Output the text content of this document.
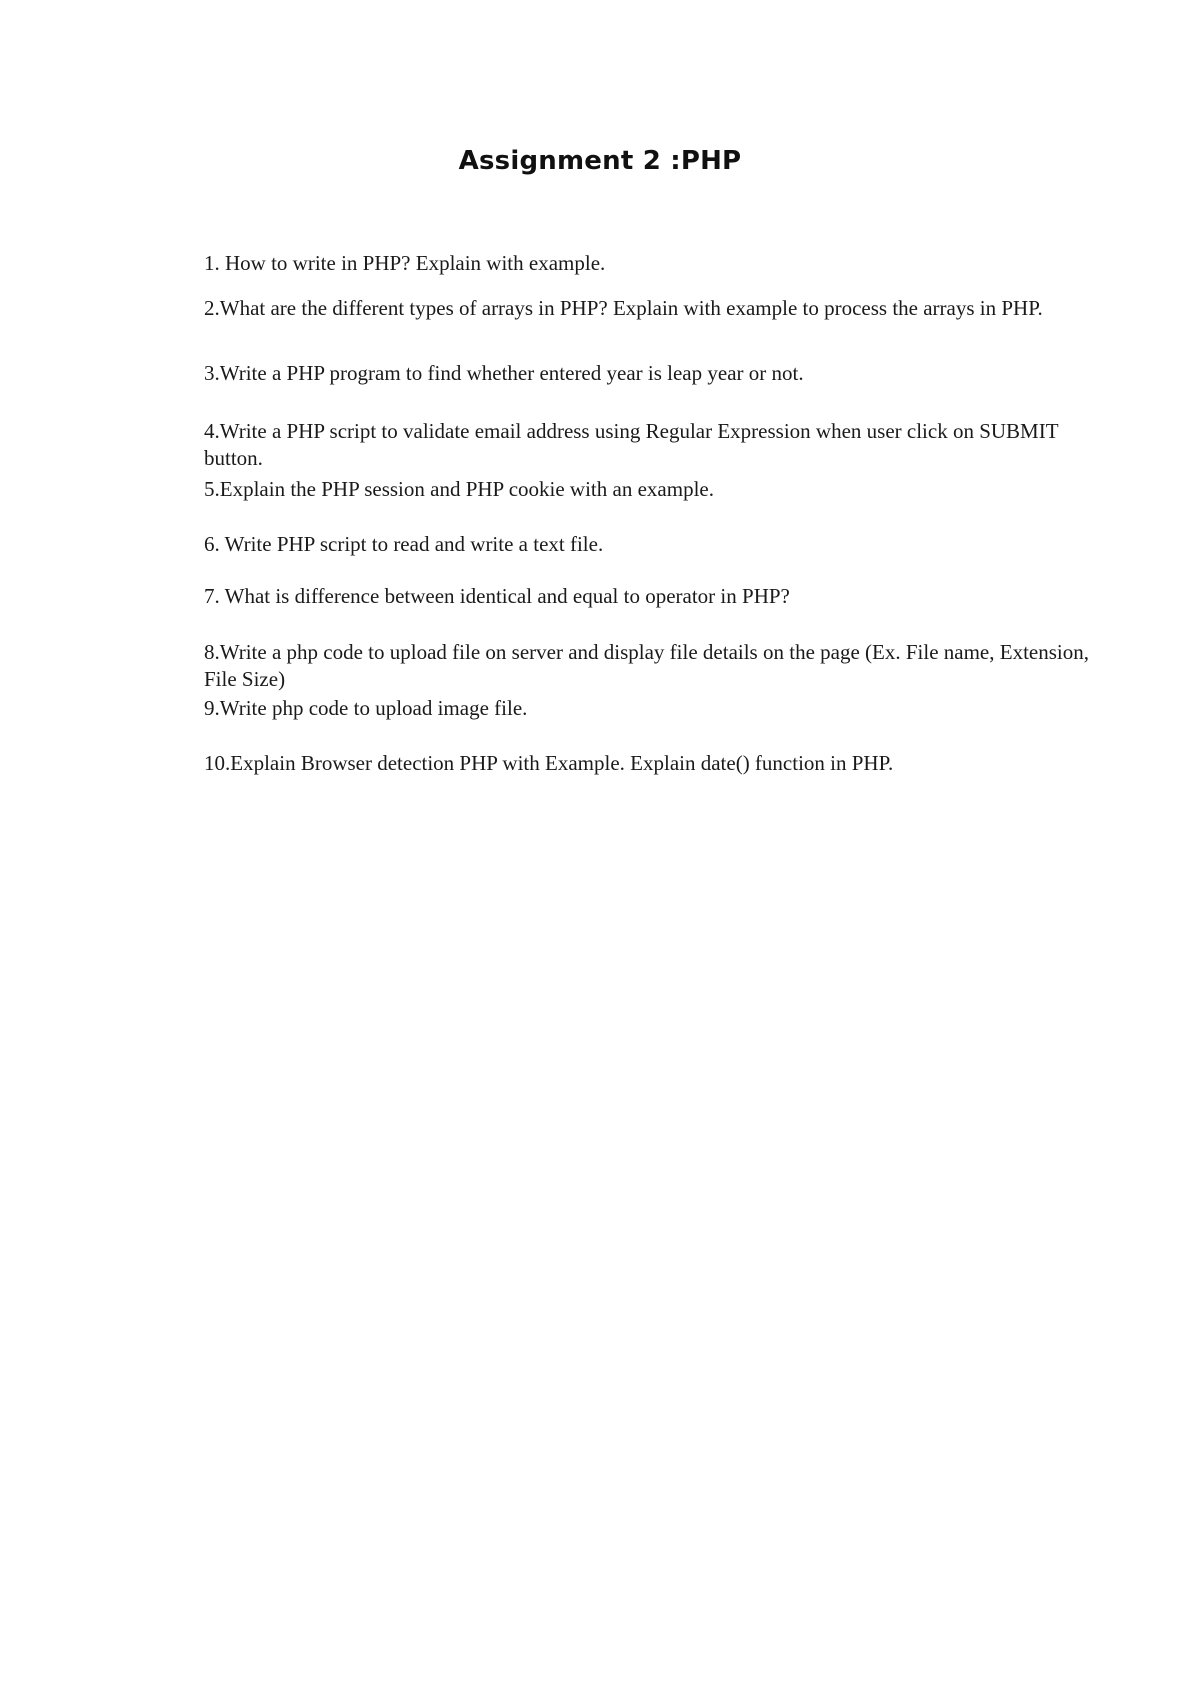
Assignment 2 :PHP
1. How to write in PHP? Explain with example.
2.What are the different types of arrays in PHP? Explain with example to process the arrays in PHP.
3.Write a PHP program to find whether entered year is leap year or not.
4.Write a PHP script to validate email address using Regular Expression when user click on SUBMIT button.
5.Explain the PHP session and PHP cookie with an example.
6. Write PHP script to read and write a text file.
7. What is difference between identical and equal to operator in PHP?
8.Write a php code to upload file on server and display file details on the page (Ex. File name, Extension, File Size)
9.Write php code to upload image file.
10.Explain Browser detection PHP with Example. Explain date() function in PHP.
